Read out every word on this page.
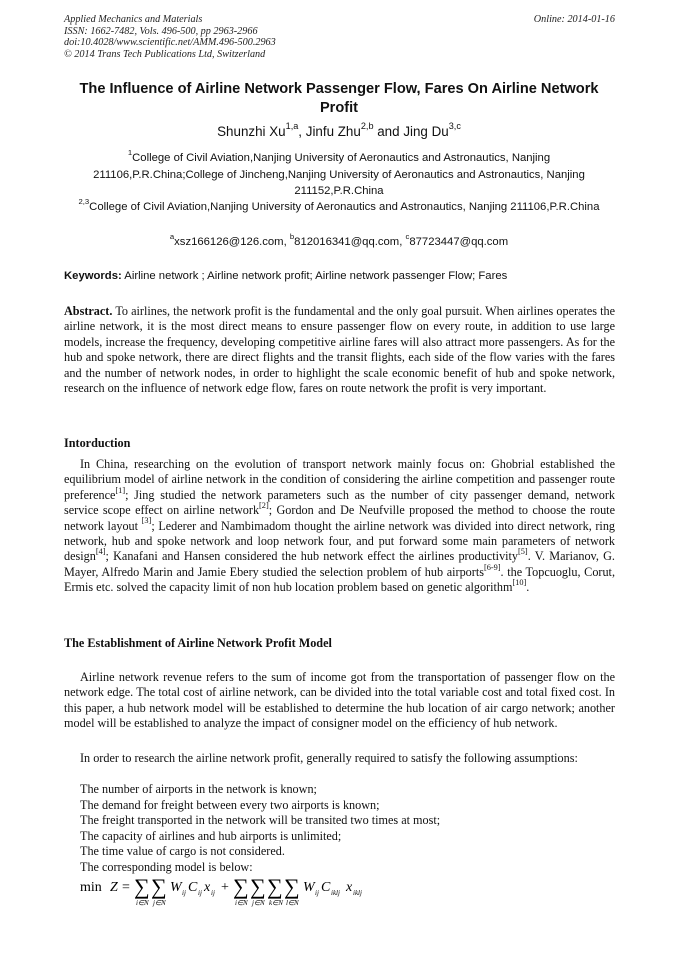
Applied Mechanics and Materials
ISSN: 1662-7482, Vols. 496-500, pp 2963-2966
doi:10.4028/www.scientific.net/AMM.496-500.2963
© 2014 Trans Tech Publications Ltd, Switzerland
Online: 2014-01-16
The Influence of Airline Network Passenger Flow, Fares On Airline Network Profit
Shunzhi Xu$^{1,a}$, Jinfu Zhu$^{2,b}$ and Jing Du$^{3,c}$
$^1$College of Civil Aviation,Nanjing University of Aeronautics and Astronautics, Nanjing 211106,P.R.China;College of Jincheng,Nanjing University of Aeronautics and Astronautics, Nanjing 211152,P.R.China
$^{2,3}$College of Civil Aviation,Nanjing University of Aeronautics and Astronautics, Nanjing 211106,P.R.China
$^a$xsz166126@126.com, $^b$812016341@qq.com, $^c$87723447@qq.com
Keywords: Airline network ; Airline network profit; Airline network passenger Flow; Fares
Abstract. To airlines, the network profit is the fundamental and the only goal pursuit. When airlines operates the airline network, it is the most direct means to ensure passenger flow on every route, in addition to use large models, increase the frequency, developing competitive airline fares will also attract more passengers. As for the hub and spoke network, there are direct flights and the transit flights, each side of the flow varies with the fares and the number of network nodes, in order to highlight the scale economic benefit of hub and spoke network, research on the influence of network edge flow, fares on route network the profit is very important.
Intorduction
In China, researching on the evolution of transport network mainly focus on: Ghobrial established the equilibrium model of airline network in the condition of considering the airline competition and passenger route preference[1]; Jing studied the network parameters such as the number of city passenger demand, network service scope effect on airline network[2]; Gordon and De Neufville proposed the method to choose the route network layout [3]; Lederer and Nambimadom thought the airline network was divided into direct network, ring network, hub and spoke network and loop network four, and put forward some main parameters of network design[4]; Kanafani and Hansen considered the hub network effect the airlines productivity[5]. V. Marianov, G. Mayer, Alfredo Marin and Jamie Ebery studied the selection problem of hub airports[6-9]. the Topcuoglu, Corut, Ermis etc. solved the capacity limit of non hub location problem based on genetic algorithm[10].
The Establishment of Airline Network Profit Model
Airline network revenue refers to the sum of income got from the transportation of passenger flow on the network edge. The total cost of airline network, can be divided into the total variable cost and total fixed cost. In this paper, a hub network model will be established to determine the hub location of air cargo network; another model will be established to analyze the impact of consigner model on the efficiency of hub network.
In order to research the airline network profit, generally required to satisfy the following assumptions:
The number of airports in the network is known;
The demand for freight between every two airports is known;
The freight transported in the network will be transited two times at most;
The capacity of airlines and hub airports is unlimited;
The time value of cargo is not considered.
The corresponding model is below:
min Z = ∑
i∈N
∑
j∈N
W ij C ij x ij + ∑
i∈N
∑
j∈N
∑
k∈N
∑
l∈N
W ij C iklj x iklj
